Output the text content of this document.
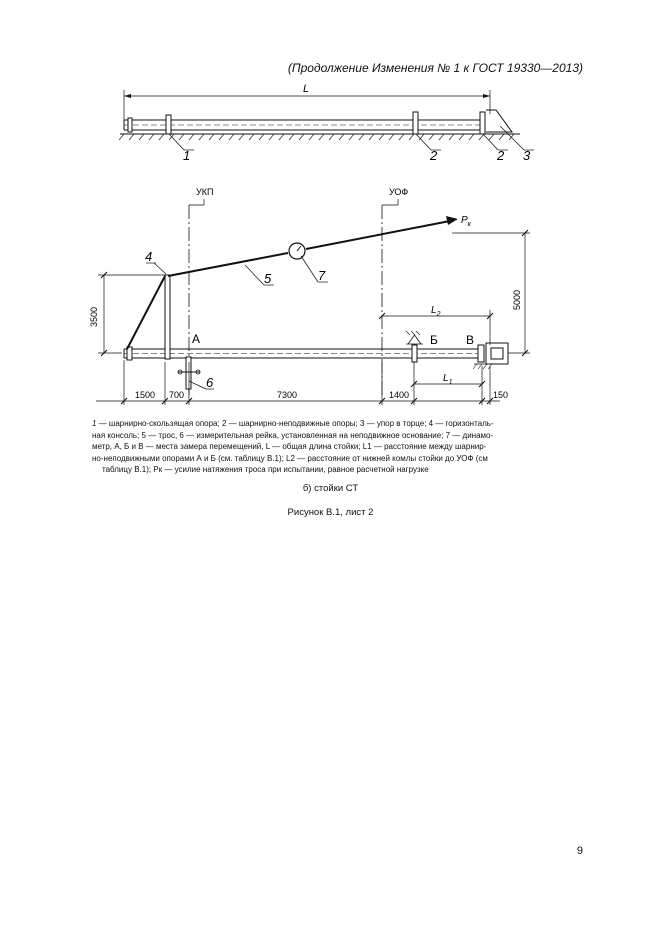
(Продолжение Изменения № 1 к ГОСТ 19330—2013)
L
1	2	2 3
УКП	УОФ
$P_к$
А	Б В
4
5	7
6
3500
5000
$L_2$
$L_1$
1500 700	7300	1400	150
1 — шарнирно-скользящая опора; 2 — шарнирно-неподвижные опоры; 3 — упор в торце; 4 — горизонталь-
ная консоль; 5 — трос, 6 — измерительная рейка, установленная на неподвижное основание; 7 — динамо-
метр, А, Б и В — места замера перемещений, L — общая длина стойки; L1 — расстояние между шарнир-
но-неподвижными опорами А и Б (см. таблицу В.1); L2 — расстояние от нижней комлы стойки до УОФ (см
таблицу В.1); Pк — усилие натяжения троса при испытании, равное расчетной нагрузке
б) стойки СТ
Рисунок В.1, лист 2
9
